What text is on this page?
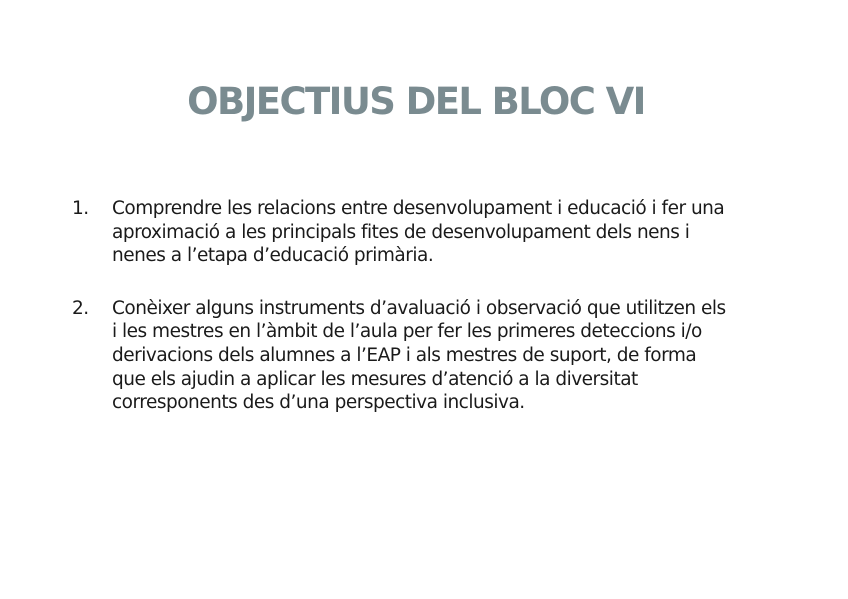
OBJECTIUS DEL BLOC VI
1.	Comprendre les relacions entre desenvolupament i educació i fer una
aproximació a les principals fites de desenvolupament dels nens i
nenes a l’etapa d’educació primària.
2.	Conèixer alguns instruments d’avaluació i observació que utilitzen els
i les mestres en l’àmbit de l’aula per fer les primeres deteccions i/o
derivacions dels alumnes a l’EAP i als mestres de suport, de forma
que els ajudin a aplicar les mesures d’atenció a la diversitat
corresponents des d’una perspectiva inclusiva.
